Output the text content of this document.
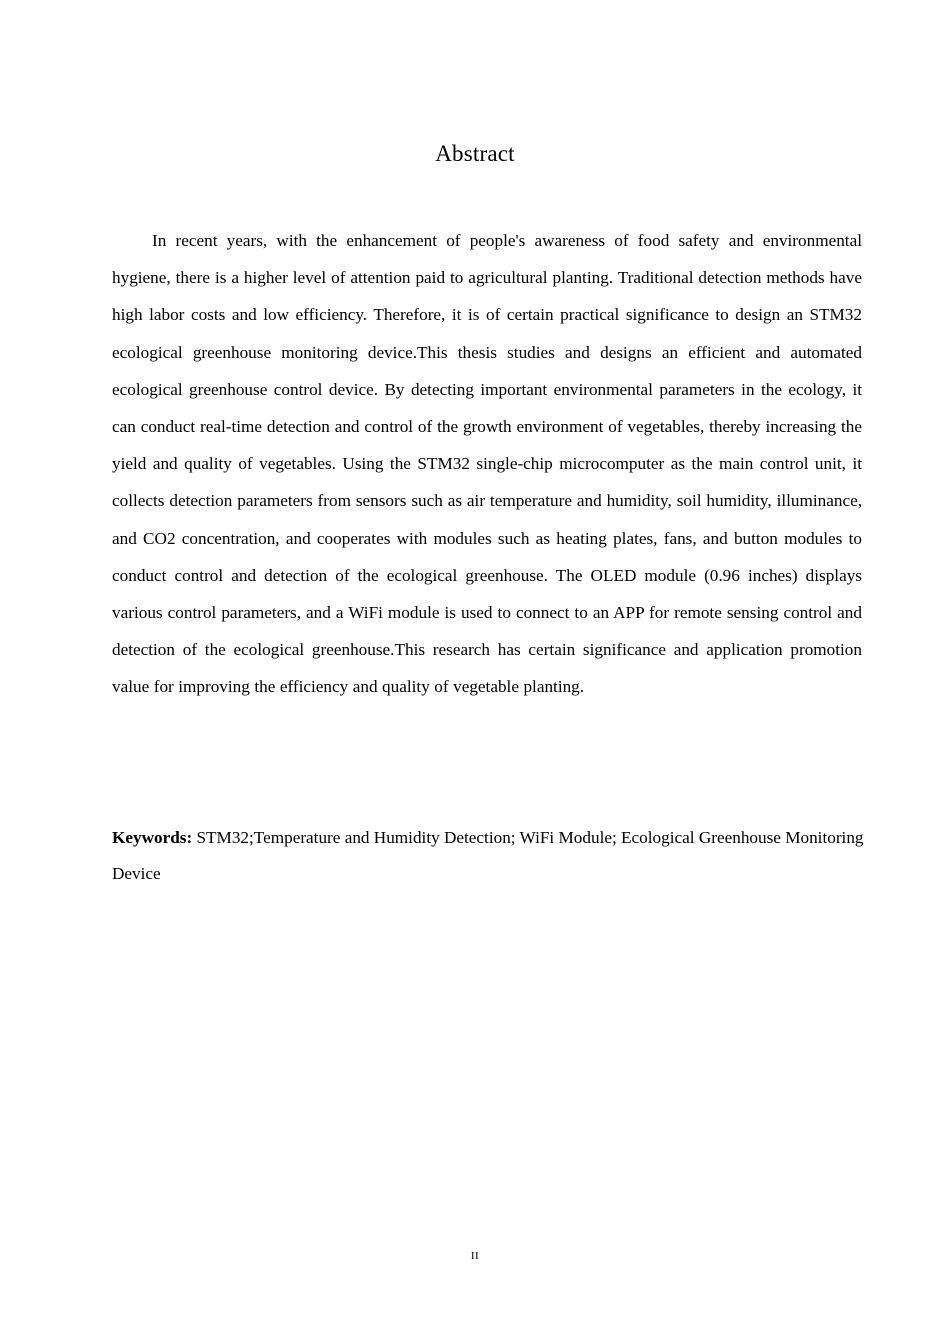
Abstract

In recent years, with the enhancement of people's awareness of food safety and environmental hygiene, there is a higher level of attention paid to agricultural planting. Traditional detection methods have high labor costs and low efficiency. Therefore, it is of certain practical significance to design an STM32 ecological greenhouse monitoring device.This thesis studies and designs an efficient and automated ecological greenhouse control device. By detecting important environmental parameters in the ecology, it can conduct real-time detection and control of the growth environment of vegetables, thereby increasing the yield and quality of vegetables. Using the STM32 single-chip microcomputer as the main control unit, it collects detection parameters from sensors such as air temperature and humidity, soil humidity, illuminance, and CO2 concentration, and cooperates with modules such as heating plates, fans, and button modules to conduct control and detection of the ecological greenhouse. The OLED module (0.96 inches) displays various control parameters, and a WiFi module is used to connect to an APP for remote sensing control and detection of the ecological greenhouse.This research has certain significance and application promotion value for improving the efficiency and quality of vegetable planting.

Keywords: STM32;Temperature and Humidity Detection; WiFi Module; Ecological Greenhouse Monitoring Device

II
